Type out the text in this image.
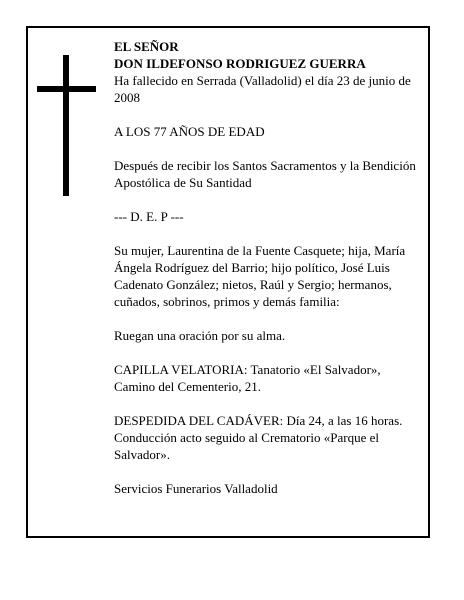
EL SEÑOR

DON ILDEFONSO RODRIGUEZ GUERRA

Ha fallecido en Serrada (Valladolid) el día 23 de junio de 2008

A LOS 77 AÑOS DE EDAD

Después de recibir los Santos Sacramentos y la Bendición Apostólica de Su Santidad

--- D. E. P ---

Su mujer, Laurentina de la Fuente Casquete; hija, María Ángela Rodríguez del Barrio; hijo político, José Luis Cadenato González; nietos, Raúl y Sergio; hermanos, cuñados, sobrinos, primos y demás familia:

Ruegan una oración por su alma.

CAPILLA VELATORIA: Tanatorio «El Salvador», Camino del Cementerio, 21.

DESPEDIDA DEL CADÁVER: Día 24, a las 16 horas. Conducción acto seguido al Crematorio «Parque el Salvador».

Servicios Funerarios Valladolid
